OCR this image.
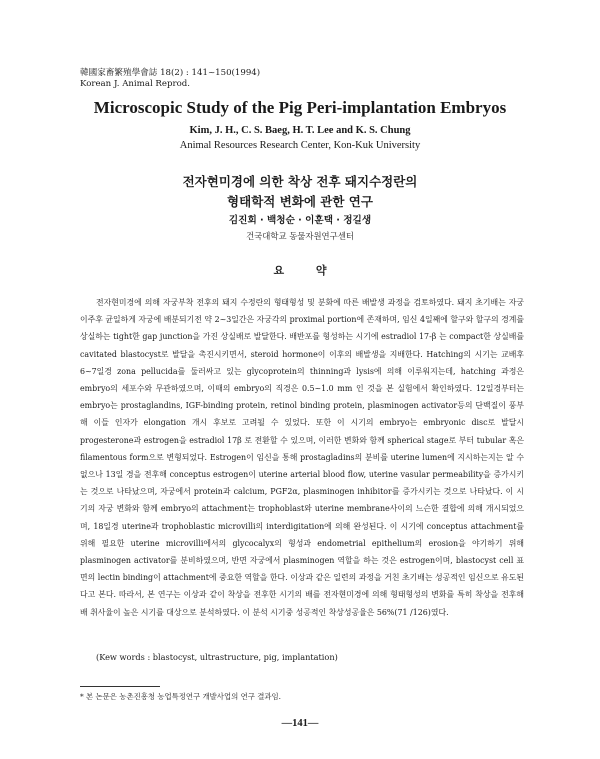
韓國家畜繁殖學會誌 18(2) : 141~150(1994)
Korean J. Animal Reprod.
Microscopic Study of the Pig Peri-implantation Embryos
Kim, J. H., C. S. Baeg, H. T. Lee and K. S. Chung
Animal Resources Research Center, Kon-Kuk University
전자현미경에 의한 착상 전후 돼지수정란의
형태학적 변화에 관한 연구
김진회 · 백청순 · 이훈택 · 정길생
건국대학교 동물자원연구센터
요 약

전자현미경에 의해 자궁부착 전후의 돼지 수정란의 형태형성 및 분화에 따른 배발생 과정을 검토하였다. 돼지 초기배는 자궁이주후 균일하게 자궁에 배분되기전 약 2~3일간은 자궁각의 proximal portion에 존재하며, 임신 4일째에 할구와 할구의 경계를 상실하는 tight한 gap junction을 가진 상실배로 발달한다. 배반포를 형성하는 시기에 estradiol 17-β 는 compact한 상실배를 cavitated blastocyst로 발달을 촉진시키면서, steroid hormone이 이후의 배발생을 지배한다. Hatching의 시기는 교배후 6~7일경 zona pellucida를 둘러싸고 있는 glycoprotein의 thinning과 lysis에 의해 이루워지는데, hatching 과정은 embryo의 세포수와 무관하였으며, 이때의 embryo의 직경은 0.5~1.0 mm 인 것을 본 실험에서 확인하였다. 12일경부터는 embryo는 prostaglandins, IGF-binding protein, retinol binding protein, plasminogen activator등의 단백질이 풍부해 이들 인자가 elongation 개시 후보로 고려될 수 있었다. 또한 이 시기의 embryo는 embryonic disc로 발달시 progesterone과 estrogen을 estradiol 17β 로 전환할 수 있으며, 이러한 변화와 함께 spherical stage로 부터 tubular 혹은 filamentous form으로 변형되었다. Estrogen이 임신을 통해 prostagladins의 분비를 uterine lumen에 지시하는지는 알 수 없으나 13일 경을 전후해 conceptus estrogen이 uterine arterial blood flow, uterine vasular permeability을 증가시키는 것으로 나타났으며, 자궁에서 protein과 calcium, PGF2α, plasminogen inhibitor를 증가시키는 것으로 나타났다. 이 시기의 자궁 변화와 함께 embryo의 attachment는 trophoblast와 uterine membrane사이의 느슨한 결합에 의해 개시되었으며, 18일경 uterine과 trophoblastic microvilli의 interdigitation에 의해 완성된다. 이 시기에 conceptus attachment를 위해 필요한 uterine microvilli에서의 glycocalyx의 형성과 endometrial epithelium의 erosion을 야기하기 위해 plasminogen activator를 분비하였으며, 반면 자궁에서 plasminogen 역할을 하는 것은 estrogen이며, blastocyst cell 표면의 lectin binding이 attachment에 중요한 역할을 한다. 이상과 같은 일련의 과정을 거친 초기배는 성공적인 임신으로 유도된다고 본다. 따라서, 본 연구는 이상과 같이 착상을 전후한 시기의 배를 전자현미경에 의해 형태형성의 변화를 특히 착상을 전후해 배 취사율이 높은 시기를 대상으로 분석하였다. 이 분석 시기중 성공적인 착상성공율은 56%(71 /126)였다.

(Kew words : blastocyst, ultrastructure, pig, implantation)
* 본 논문은 농촌진흥청 농업특정연구 개발사업의 연구 결과임.
—141—
